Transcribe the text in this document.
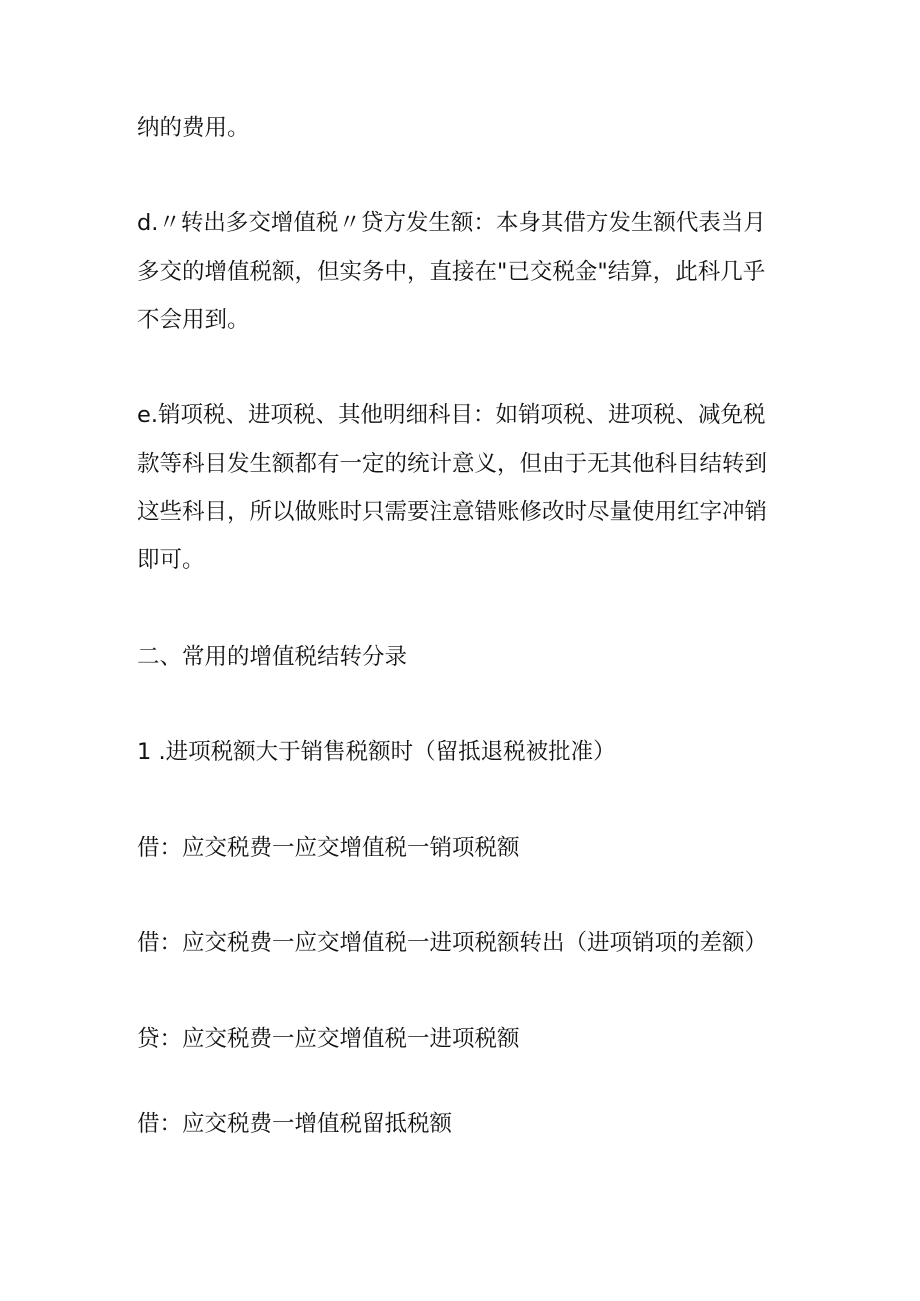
纳的费用。
d.〃转出多交增值税〃贷方发生额：本身其借方发生额代表当月
多交的增值税额，但实务中，直接在"已交税金"结算，此科几乎
不会用到。
e.销项税、进项税、其他明细科目：如销项税、进项税、减免税
款等科目发生额都有一定的统计意义，但由于无其他科目结转到
这些科目，所以做账时只需要注意错账修改时尽量使用红字冲销
即可。
二、常用的增值税结转分录
1 .进项税额大于销售税额时（留抵退税被批准）
借：应交税费一应交增值税一销项税额
借：应交税费一应交增值税一进项税额转出（进项销项的差额）
贷：应交税费一应交增值税一进项税额
借：应交税费一增值税留抵税额
